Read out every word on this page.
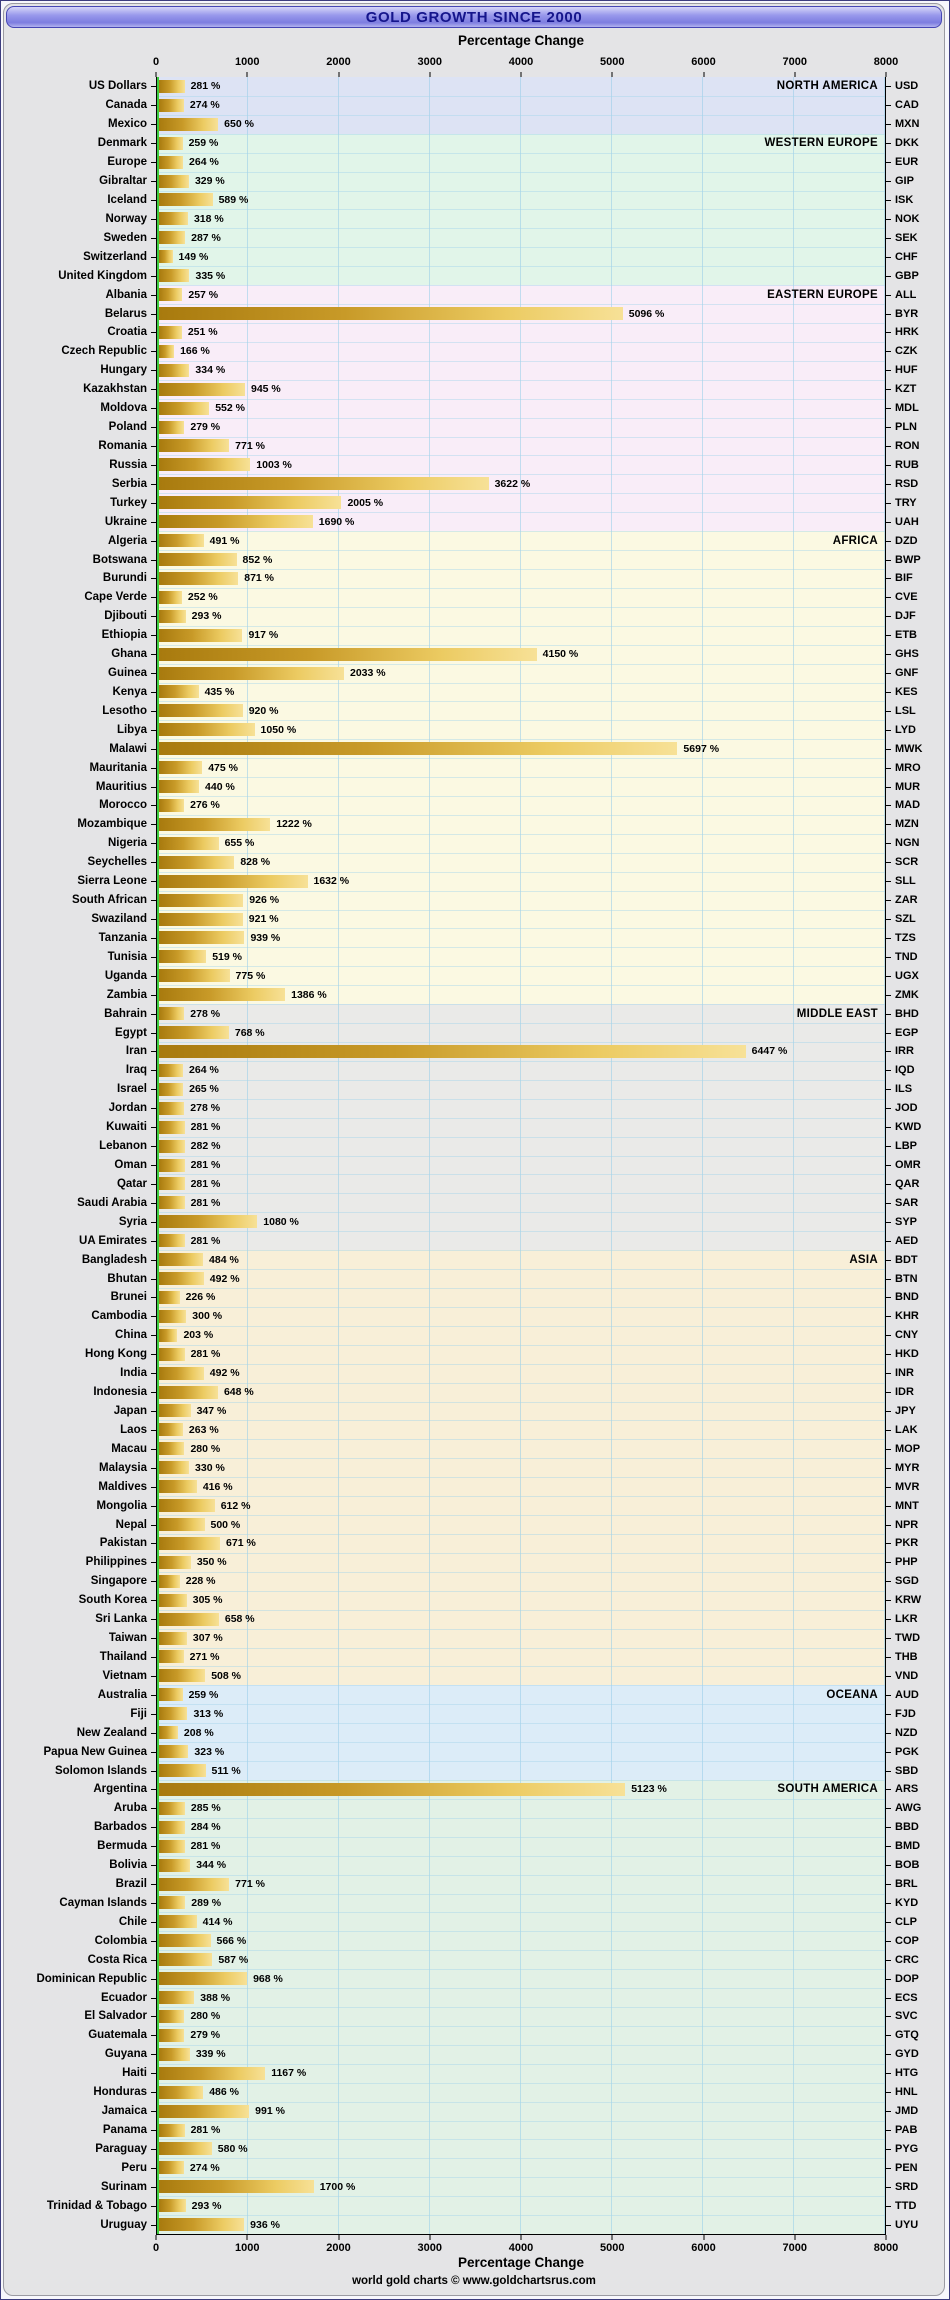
GOLD GROWTH SINCE 2000
Percentage Change
0	1000	2000	3000	4000	5000	6000	7000	8000
US Dollars	281 %	NORTH AMERICA USD
Canada	274 %	CAD
Mexico	650 %	MXN
Denmark	259 %	WESTERN EUROPE DKK
Europe	264 %	EUR
Gibraltar	329 %	GIP
Iceland	589 %	ISK
Norway	318 %	NOK
Sweden	287 %	SEK
Switzerland	149 %	CHF
United Kingdom	335 %	GBP
Albania	257 %	EASTERN EUROPE ALL
Belarus	5096 %	BYR
Croatia	251 %	HRK
Czech Republic	166 %	CZK
Hungary	334 %	HUF
Kazakhstan	945 %	KZT
Moldova	552 %	MDL
Poland	279 %	PLN
Romania	771 %	RON
Russia	1003 %	RUB
Serbia	3622 %	RSD
Turkey	2005 %	TRY
Ukraine	1690 %	UAH
Algeria	491 %	AFRICA DZD
Botswana	852 %	BWP
Burundi	871 %	BIF
Cape Verde	252 %	CVE
Djibouti	293 %	DJF
Ethiopia	917 %	ETB
Ghana	4150 %	GHS
Guinea	2033 %	GNF
Kenya	435 %	KES
Lesotho	920 %	LSL
Libya	1050 %	LYD
Malawi	5697 %	MWK
Mauritania	475 %	MRO
Mauritius	440 %	MUR
Morocco	276 %	MAD
Mozambique	1222 %	MZN
Nigeria	655 %	NGN
Seychelles	828 %	SCR
Sierra Leone	1632 %	SLL
South African	926 %	ZAR
Swaziland	921 %	SZL
Tanzania	939 %	TZS
Tunisia	519 %	TND
Uganda	775 %	UGX
Zambia	1386 %	ZMK
Bahrain	278 %	MIDDLE EAST BHD
Egypt	768 %	EGP
Iran	6447 %	IRR
Iraq	264 %	IQD
Israel	265 %	ILS
Jordan	278 %	JOD
Kuwaiti	281 %	KWD
Lebanon	282 %	LBP
Oman	281 %	OMR
Qatar	281 %	QAR
Saudi Arabia	281 %	SAR
Syria	1080 %	SYP
UA Emirates	281 %	AED
Bangladesh	484 %	ASIA BDT
Bhutan	492 %	BTN
Brunei	226 %	BND
Cambodia	300 %	KHR
China	203 %	CNY
Hong Kong	281 %	HKD
India	492 %	INR
Indonesia	648 %	IDR
Japan	347 %	JPY
Laos	263 %	LAK
Macau	280 %	MOP
Malaysia	330 %	MYR
Maldives	416 %	MVR
Mongolia	612 %	MNT
Nepal	500 %	NPR
Pakistan	671 %	PKR
Philippines	350 %	PHP
Singapore	228 %	SGD
South Korea	305 %	KRW
Sri Lanka	658 %	LKR
Taiwan	307 %	TWD
Thailand	271 %	THB
Vietnam	508 %	VND
Australia	259 %	OCEANA AUD
Fiji	313 %	FJD
New Zealand	208 %	NZD
Papua New Guinea	323 %	PGK
Solomon Islands	511 %	SBD
Argentina	5123 %	SOUTH AMERICA ARS
Aruba	285 %	AWG
Barbados	284 %	BBD
Bermuda	281 %	BMD
Bolivia	344 %	BOB
Brazil	771 %	BRL
Cayman Islands	289 %	KYD
Chile	414 %	CLP
Colombia	566 %	COP
Costa Rica	587 %	CRC
Dominican Republic	968 %	DOP
Ecuador	388 %	ECS
El Salvador	280 %	SVC
Guatemala	279 %	GTQ
Guyana	339 %	GYD
Haiti	1167 %	HTG
Honduras	486 %	HNL
Jamaica	991 %	JMD
Panama	281 %	PAB
Paraguay	580 %	PYG
Peru	274 %	PEN
Surinam	1700 %	SRD
Trinidad & Tobago	293 %	TTD
Uruguay	936 %	UYU
0	1000	2000	3000	4000	5000	6000	7000	8000
Percentage Change
world gold charts © www.goldchartsrus.com
